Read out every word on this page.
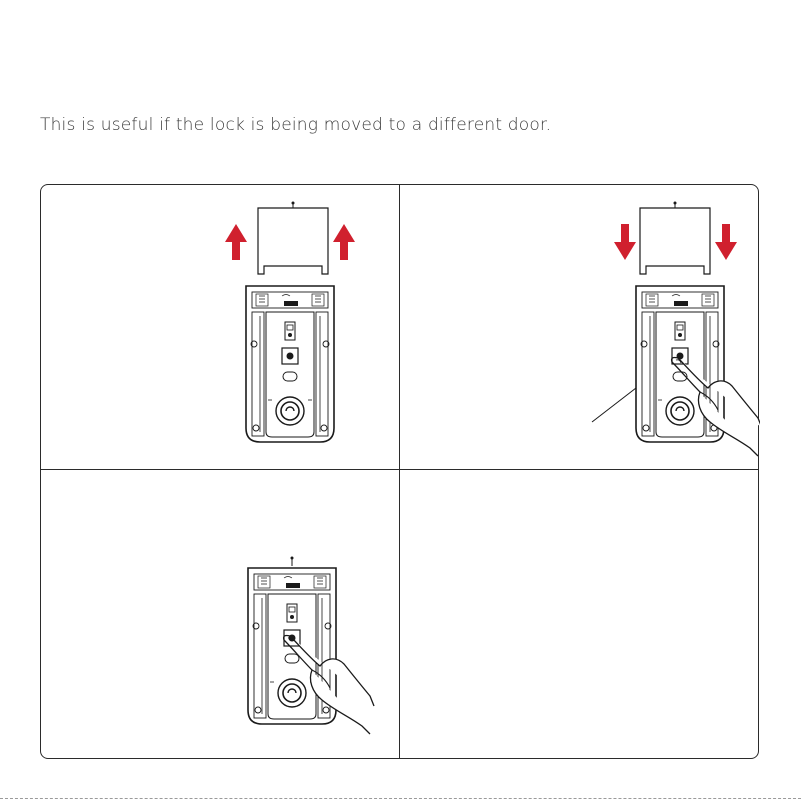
This is useful if the lock is being moved to a different door.
